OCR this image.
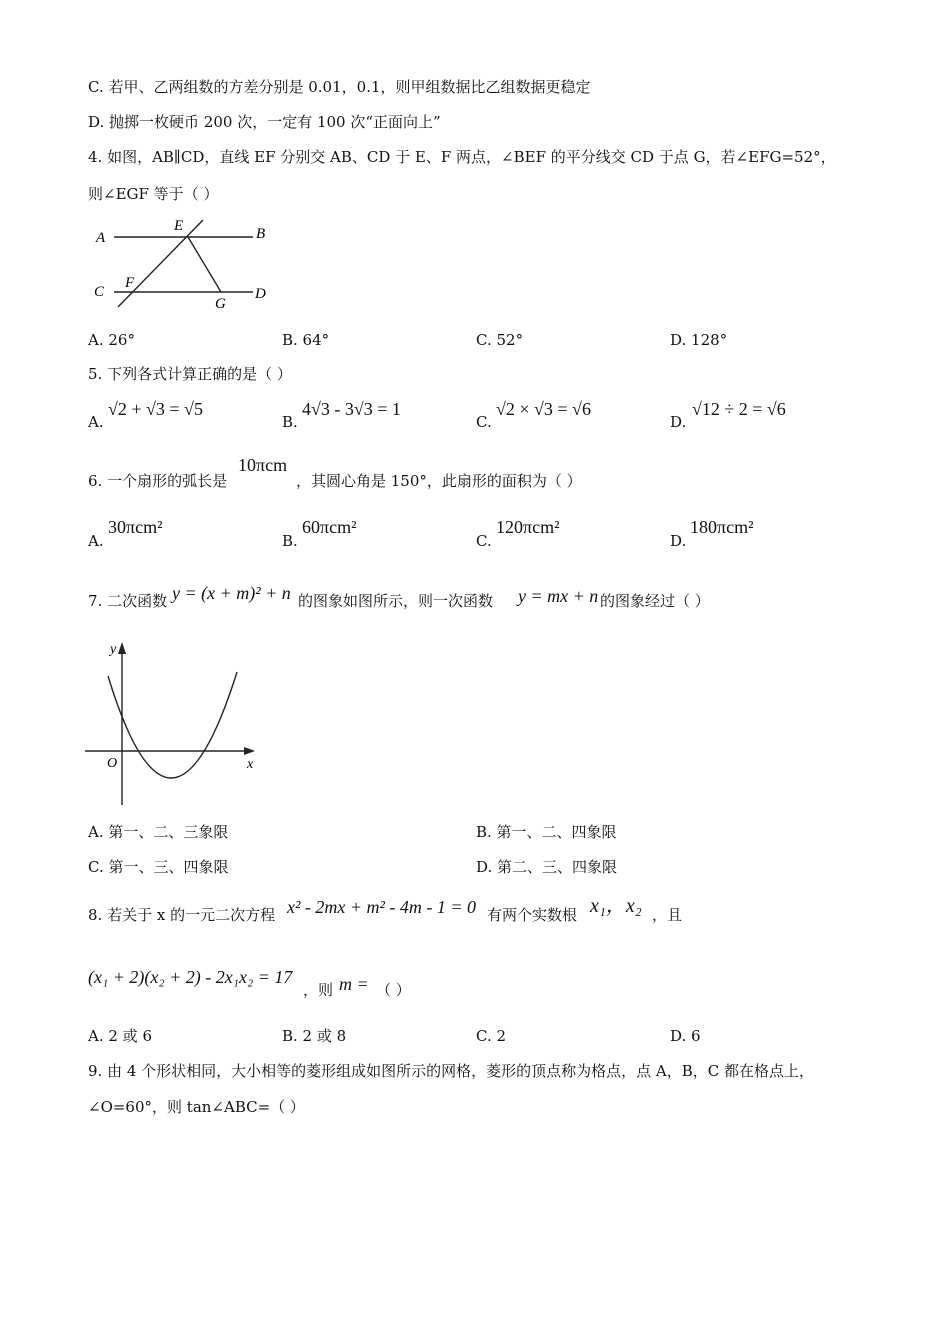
C. 若甲、乙两组数的方差分别是 0.01，0.1，则甲组数据比乙组数据更稳定
D. 抛掷一枚硬币 200 次，一定有 100 次“正面向上”
4. 如图，AB∥CD，直线 EF 分别交 AB、CD 于 E、F 两点，∠BEF 的平分线交 CD 于点 G，若∠EFG=52°，
则∠EGF 等于（ ）
A	B
C	D
E
F
G
A. 26°	B. 64°	C. 52°	D. 128°
5. 下列各式计算正确的是（ ）
A.
√2 + √3 = √5
B.
4√3 - 3√3 = 1
C.
√2 × √3 = √6
D.
√12 ÷ 2 = √6
6. 一个扇形的弧长是
10πcm
，其圆心角是 150°，此扇形的面积为（ ）
A.
30πcm²
B.
60πcm²
C.
120πcm²
D.
180πcm²
7. 二次函数 y = (x + m)² + n 的图象如图所示，则一次函数 y = mx + n 的图象经过（ ）
y
x
O
A. 第一、二、三象限	B. 第一、二、四象限
C. 第一、三、四象限	D. 第二、三、四象限
8. 若关于 x 的一元二次方程 x² - 2mx + m² - 4m - 1 = 0 有两个实数根 x₁，x₂ ，且
(x₁ + 2)(x₂ + 2) - 2x₁x₂ = 17
，则 m = （ ）
A. 2 或 6	B. 2 或 8	C. 2	D. 6
9. 由 4 个形状相同，大小相等的菱形组成如图所示的网格，菱形的顶点称为格点，点 A，B，C 都在格点上，
∠O=60°，则 tan∠ABC=（ ）
